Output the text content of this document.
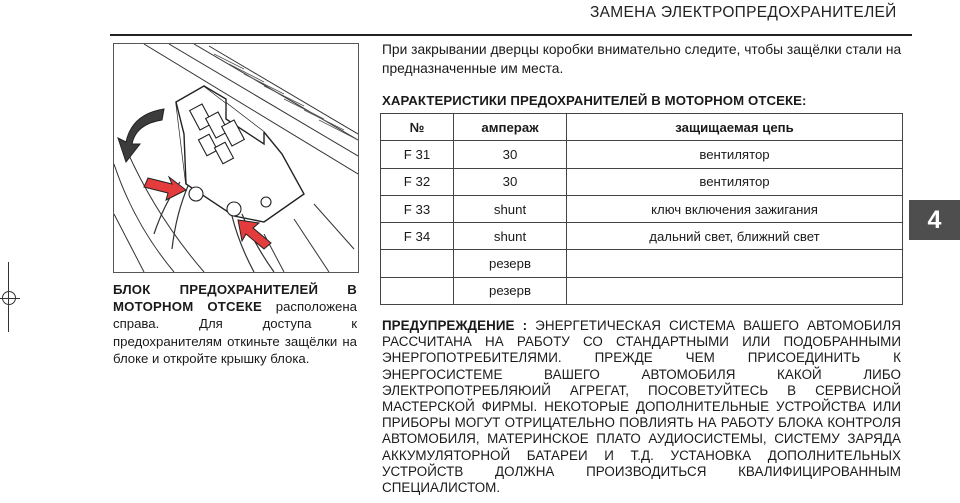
ЗАМЕНА ЭЛЕКТРОПРЕДОХРАНИТЕЛЕЙ
БЛОК ПРЕДОХРАНИТЕЛЕЙ В МОТОРНОМ ОТСЕКЕ расположена справа. Для доступа к предохранителям откиньте защёлки на блоке и откройте крышку блока.
При закрывании дверцы коробки внимательно следите, чтобы защёлки стали на предназначенные им места.
ХАРАКТЕРИСТИКИ ПРЕДОХРАНИТЕЛЕЙ В МОТОРНОМ ОТСЕКЕ:
№	ампераж	защищаемая цепь
F 31	30	вентилятор
F 32	30	вентилятор
F 33	shunt	ключ включения зажигания
F 34	shunt	дальний свет, ближний свет
	резерв	
	резерв	
ПРЕДУПРЕЖДЕНИЕ : ЭНЕРГЕТИЧЕСКАЯ СИСТЕМА ВАШЕГО АВТОМОБИЛЯ РАССЧИТАНА НА РАБОТУ СО СТАНДАРТНЫМИ ИЛИ ПОДОБРАННЫМИ ЭНЕРГОПОТРЕБИТЕЛЯМИ. ПРЕЖДЕ ЧЕМ ПРИСОЕДИНИТЬ К ЭНЕРГОСИСТЕМЕ ВАШЕГО АВТОМОБИЛЯ КАКОЙ ЛИБО ЭЛЕКТРОПОТРЕБЛЯЮИЙ АГРЕГАТ, ПОСОВЕТУЙТЕСЬ В СЕРВИСНОЙ МАСТЕРСКОЙ ФИРМЫ. НЕКОТОРЫЕ ДОПОЛНИТЕЛЬНЫЕ УСТРОЙСТВА ИЛИ ПРИБОРЫ МОГУТ ОТРИЦАТЕЛЬНО ПОВЛИЯТЬ НА РАБОТУ БЛОКА КОНТРОЛЯ АВТОМОБИЛЯ, МАТЕРИНСКОЕ ПЛАТО АУДИОСИСТЕМЫ, СИСТЕМУ ЗАРЯДА АККУМУЛЯТОРНОЙ БАТАРЕИ И Т.Д. УСТАНОВКА ДОПОЛНИТЕЛЬНЫХ УСТРОЙСТВ ДОЛЖНА ПРОИЗВОДИТЬСЯ КВАЛИФИЦИРОВАННЫМ СПЕЦИАЛИСТОМ.
4
